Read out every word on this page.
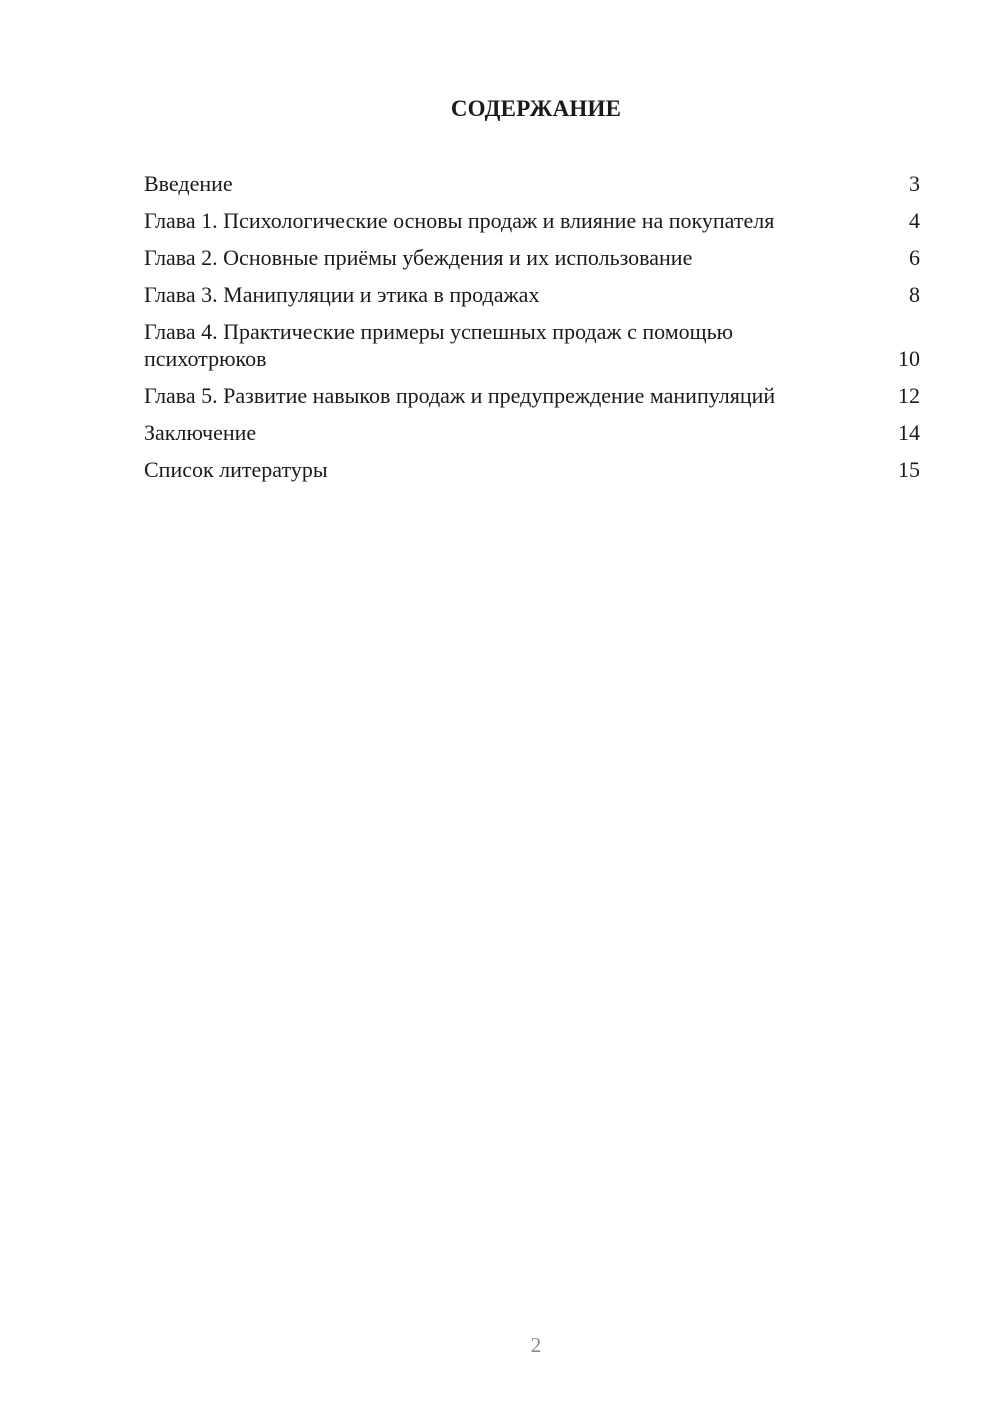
СОДЕРЖАНИЕ
Введение	3
Глава 1. Психологические основы продаж и влияние на покупателя	4
Глава 2. Основные приёмы убеждения и их использование	6
Глава 3. Манипуляции и этика в продажах	8
Глава 4. Практические примеры успешных продаж с помощью психотрюков	10
Глава 5. Развитие навыков продаж и предупреждение манипуляций	12
Заключение	14
Список литературы	15
2
